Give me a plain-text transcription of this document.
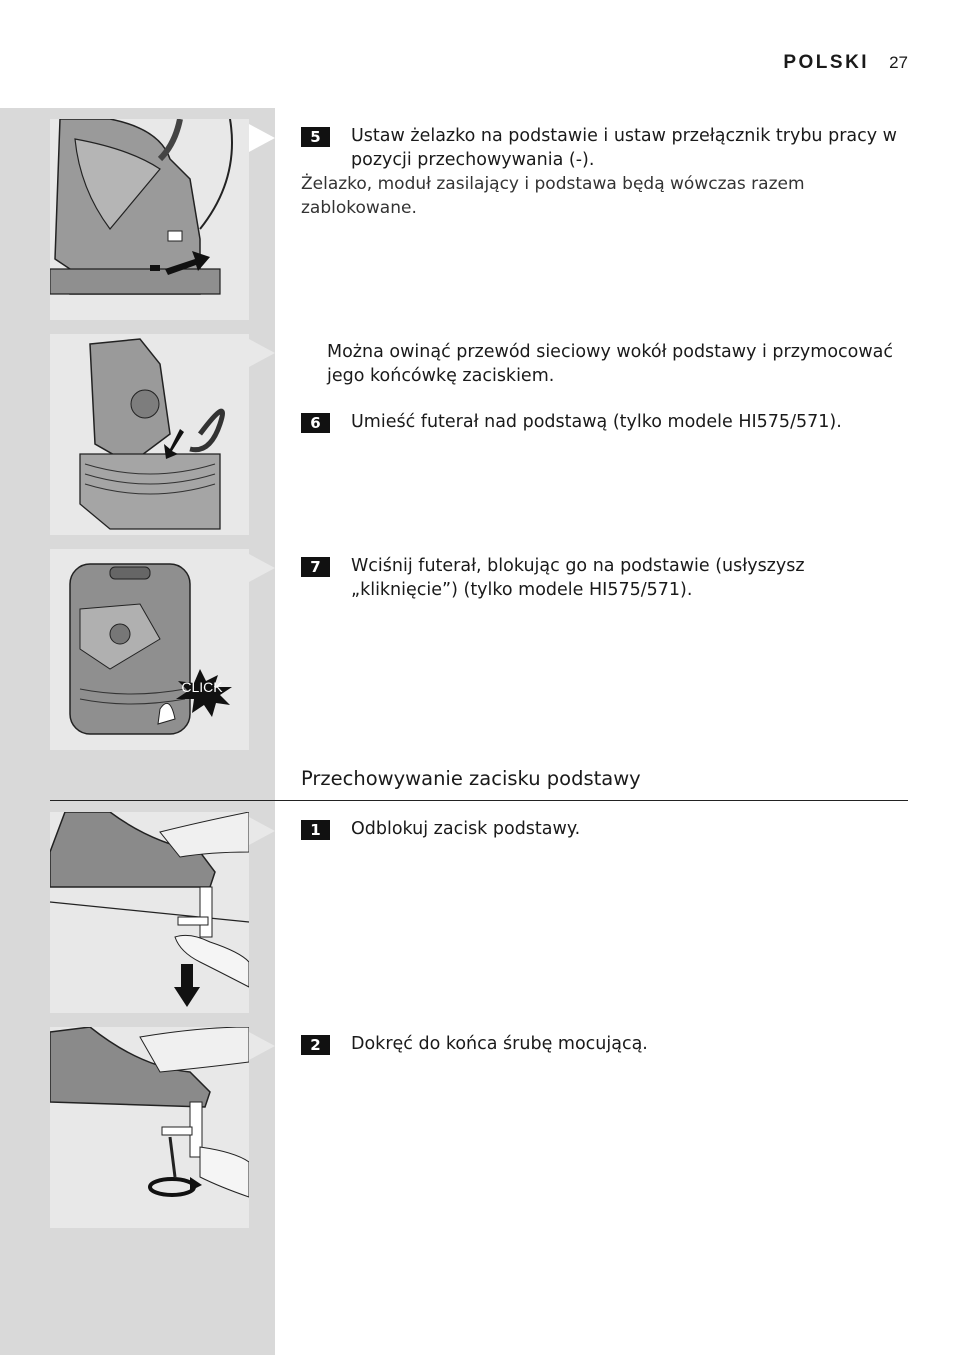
POLSKI 27
CLICK
5	Ustaw żelazko na podstawie i ustaw przełącznik trybu pracy w pozycji przechowywania (-).
Żelazko, moduł zasilający i podstawa będą wówczas razem zablokowane.
Można owinąć przewód sieciowy wokół podstawy i przymocować jego końcówkę zaciskiem.
6	Umieść futerał nad podstawą (tylko modele HI575/571).
7	Wciśnij futerał, blokując go na podstawie (usłyszysz „kliknięcie”) (tylko modele HI575/571).
Przechowywanie zacisku podstawy
1	Odblokuj zacisk podstawy.
2	Dokręć do końca śrubę mocującą.
